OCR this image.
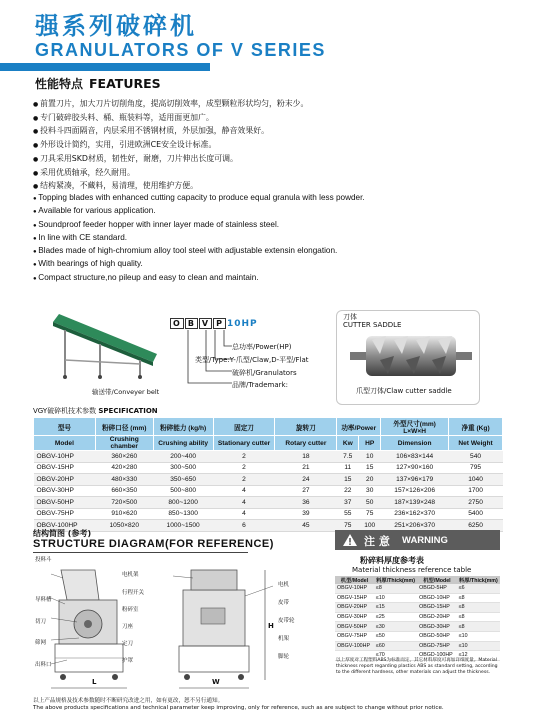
强系列破碎机
GRANULATORS OF V SERIES
性能特点 FEATURES
● 前置刀片，加大刀片切削角度，提高切削效率，成型颗粒形状均匀，粉末少。
● 专门破碎胶头料、桶、瓶装料等，适用面更加广。
● 投料斗四面隔音，内层采用不锈钢材质，外层加强，静音效果好。
● 外形设计简约，实用，引进欧洲CE安全设计标准。
● 刀具采用SKD材质，韧性好，耐磨，刀片伸出长度可调。
● 采用优质轴承，经久耐用。
● 结构紧凑，不藏料，易清理，使用维护方便。
● Topping blades with enhanced cutting capacity to produce equal granula with less powder.
● Available for various application.
● Soundproof feeder hopper with inner layer made of stainless steel.
● In line with CE standard.
● Blades made of high-chromium alloy tool steel with adjustable extensin elongation.
● With bearings of high quality.
● Compact structure,no pileup and easy to clean and maintain.
输送带/Conveyer belt
O B V P 10HP
总功率/Power(HP)
类型/Type:Y-爪型/Claw,D-平型/Flat
破碎机/Granulators
品牌/Trademark:
刀体
CUTTER SADDLE
爪型刀体/Claw cutter saddle
VGY破碎机技术参数 SPECIFICATION
型号	粉碎口径 (mm)	粉碎能力 (kg/h)	固定刀	旋转刀	功率/Power		外型尺寸(mm) L×W×H	净重 (Kg)
Model	Crushing chamber	Crushing ability	Stationary cutter	Rotary cutter	Kw	HP	Dimension	Net Weight
OBGV-10HP	360×260	200~400	2	18	7.5	10	106×83×144	540
OBGV-15HP	420×280	300~500	2	21	11	15	127×90×160	795
OBGV-20HP	480×330	350~650	2	24	15	20	137×96×179	1040
OBGV-30HP	660×350	500~800	4	27	22	30	157×126×206	1700
OBGV-50HP	720×500	800~1200	4	36	37	50	187×139×248	2750
OBGV-75HP	910×620	850~1300	4	39	55	75	236×162×370	5400
OBGV-100HP	1050×820	1000~1500	6	45	75	100	251×206×370	6250
结构简图 (参考)
STRUCTURE DIAGRAM(FOR REFERENCE)
投料斗
导料槽
切刀
筛网
出料口
电机架
行程开关
粉碎室
刀座
定刀
护罩
电机
皮带
皮带轮
机架
脚轮
H
L	W
注 意 WARNING
粉碎料厚度参考表
Material thickness reference table
机型/Model	料厚/Thick(mm)	机型/Model	料厚/Thick(mm)
OBGV-10HP	≤8	OBGD-5HP	≤6
OBGV-15HP	≤10	OBGD-10HP	≤8
OBGV-20HP	≤15	OBGD-15HP	≤8
OBGV-30HP	≤25	OBGD-20HP	≤8
OBGV-50HP	≤30	OBGD-30HP	≤8
OBGV-75HP	≤50	OBGD-50HP	≤10
OBGV-100HP	≤60	OBGD-75HP	≤10
	≤70	OBGD-100HP	≤12
以上厚度对工程塑料ABS为标准而定，其它材料厚度可再加详细度量。Material thickness report regarding plastics ABS as standard setting, according to the different hardness, other materials can adjust the thickness.
以上产品规格及技术参数随时不断研究改进之用，如有更改，恕不另行通知。
The above products specifications and technical parameter keep improving, only for reference, such as are subject to change without prior notice.
